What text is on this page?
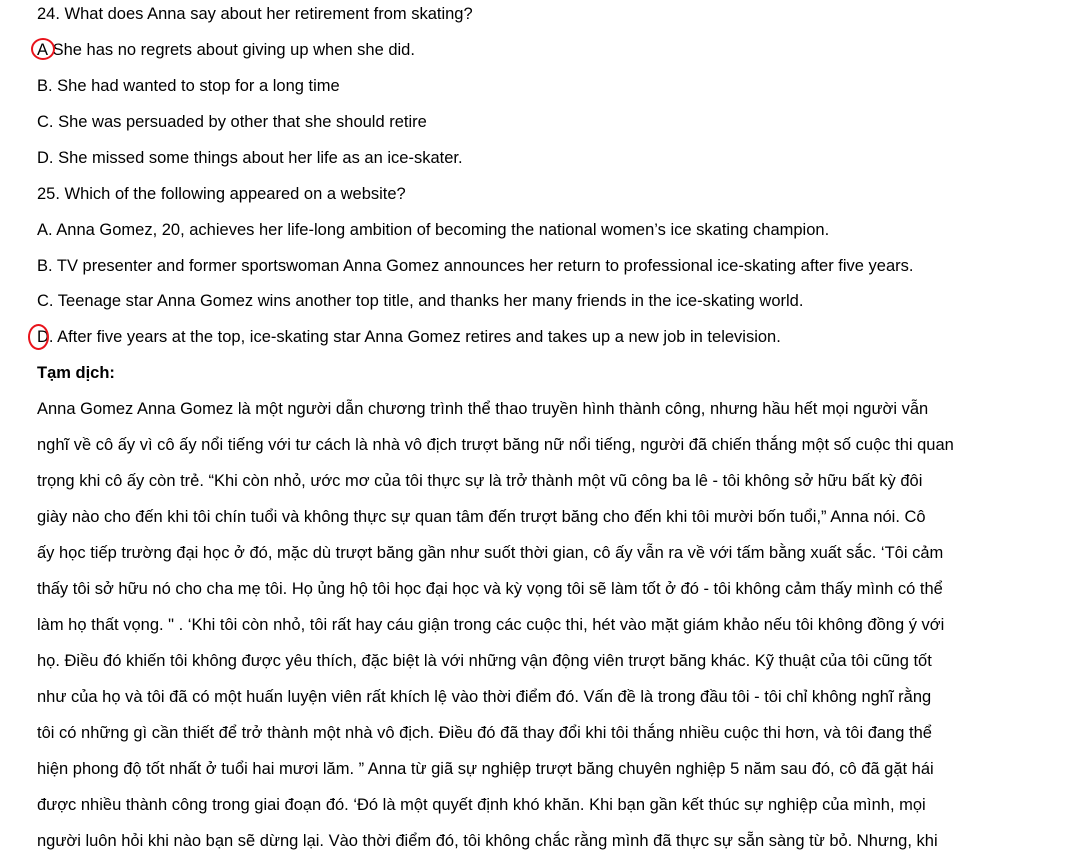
24. What does Anna say about her retirement from skating?
A
She has no regrets about giving up when she did.
B. She had wanted to stop for a long time
C. She was persuaded by other that she should retire
D. She missed some things about her life as an ice-skater.
25. Which of the following appeared on a website?
A. Anna Gomez, 20, achieves her life-long ambition of becoming the national women’s ice skating champion.
B. TV presenter and former sportswoman Anna Gomez announces her return to professional ice-skating after five years.
C. Teenage star Anna Gomez wins another top title, and thanks her many friends in the ice-skating world.
D
. After five years at the top, ice-skating star Anna Gomez retires and takes up a new job in television.
Tạm dịch:
Anna Gomez Anna Gomez là một người dẫn chương trình thể thao truyền hình thành công, nhưng hầu hết mọi người vẫn
nghĩ về cô ấy vì cô ấy nổi tiếng với tư cách là nhà vô địch trượt băng nữ nổi tiếng, người đã chiến thắng một số cuộc thi quan
trọng khi cô ấy còn trẻ. “Khi còn nhỏ, ước mơ của tôi thực sự là trở thành một vũ công ba lê - tôi không sở hữu bất kỳ đôi
giày nào cho đến khi tôi chín tuổi và không thực sự quan tâm đến trượt băng cho đến khi tôi mười bốn tuổi,” Anna nói. Cô
ấy học tiếp trường đại học ở đó, mặc dù trượt băng gần như suốt thời gian, cô ấy vẫn ra về với tấm bằng xuất sắc. ‘Tôi cảm
thấy tôi sở hữu nó cho cha mẹ tôi. Họ ủng hộ tôi học đại học và kỳ vọng tôi sẽ làm tốt ở đó - tôi không cảm thấy mình có thể
làm họ thất vọng. " . ‘Khi tôi còn nhỏ, tôi rất hay cáu giận trong các cuộc thi, hét vào mặt giám khảo nếu tôi không đồng ý với
họ. Điều đó khiến tôi không được yêu thích, đặc biệt là với những vận động viên trượt băng khác. Kỹ thuật của tôi cũng tốt
như của họ và tôi đã có một huấn luyện viên rất khích lệ vào thời điểm đó. Vấn đề là trong đầu tôi - tôi chỉ không nghĩ rằng
tôi có những gì cần thiết để trở thành một nhà vô địch. Điều đó đã thay đổi khi tôi thắng nhiều cuộc thi hơn, và tôi đang thể
hiện phong độ tốt nhất ở tuổi hai mươi lăm. ” Anna từ giã sự nghiệp trượt băng chuyên nghiệp 5 năm sau đó, cô đã gặt hái
được nhiều thành công trong giai đoạn đó. ‘Đó là một quyết định khó khăn. Khi bạn gần kết thúc sự nghiệp của mình, mọi
người luôn hỏi khi nào bạn sẽ dừng lại. Vào thời điểm đó, tôi không chắc rằng mình đã thực sự sẵn sàng từ bỏ. Nhưng, khi
